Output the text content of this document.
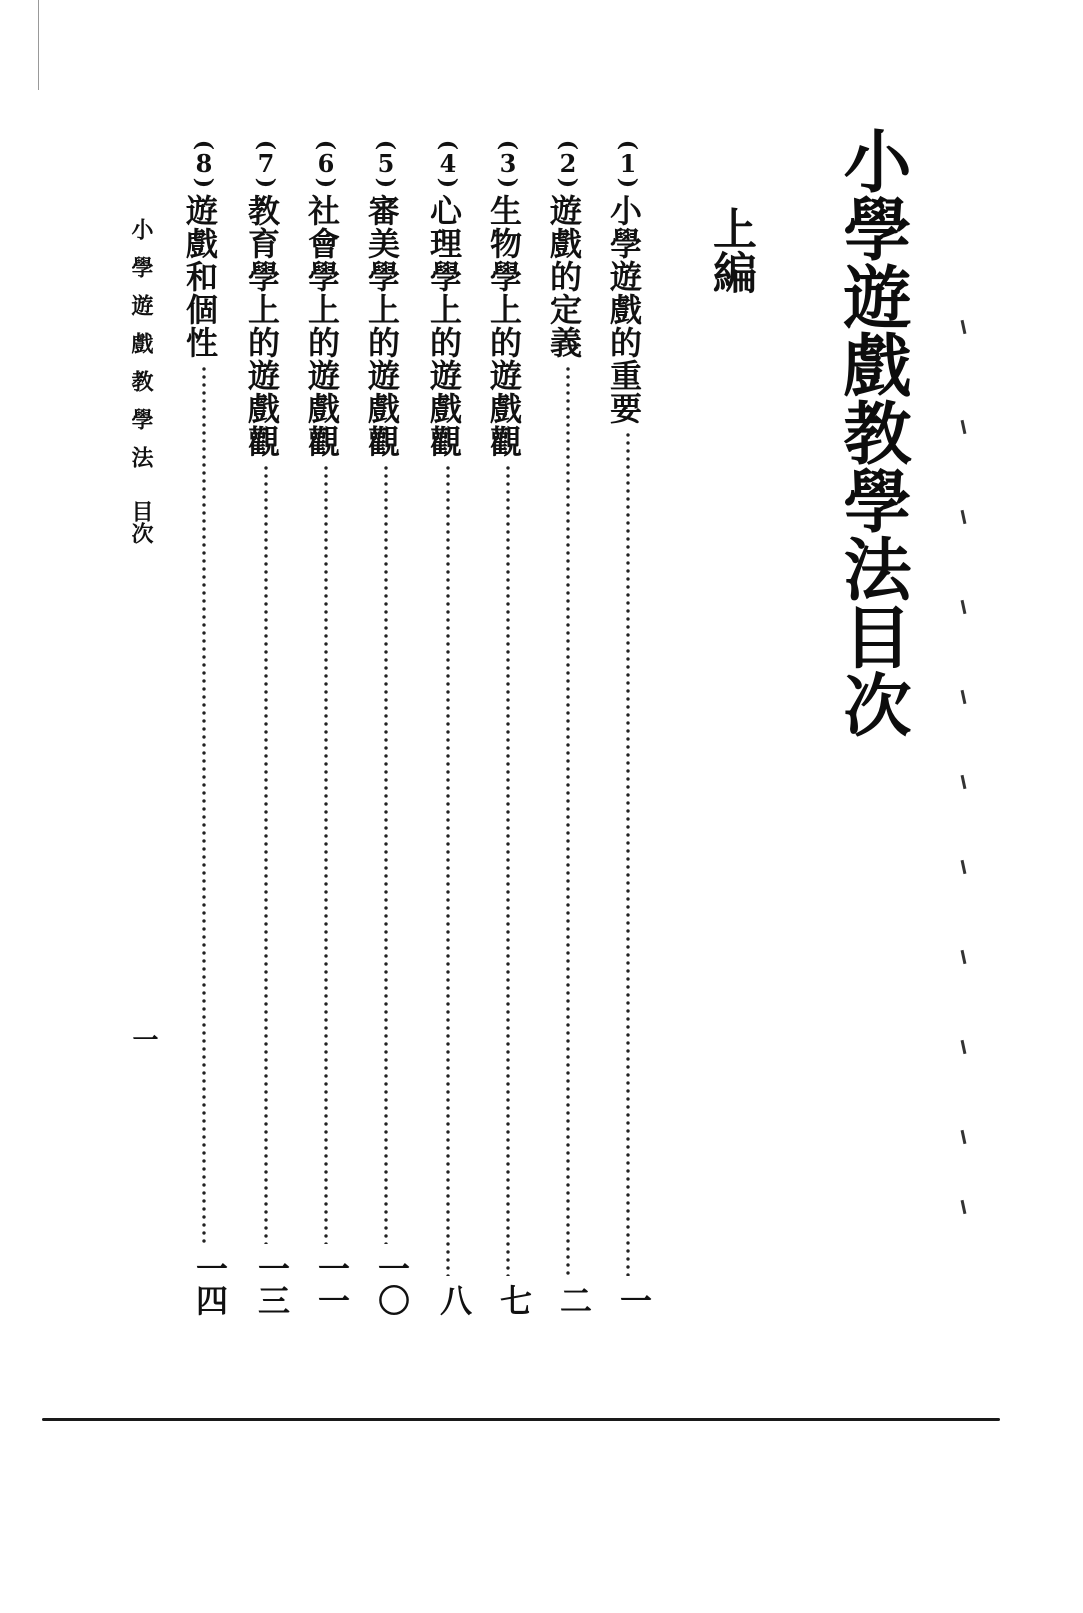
小學遊戲教學法目次
上編
(
1
)
小學遊戲的重要
一
(
2
)
遊戲的定義
二
(
3
)
生物學上的遊戲觀
七
(
4
)
心理學上的遊戲觀
八
(
5
)
審美學上的遊戲觀
一〇
(
6
)
社會學上的遊戲觀
一一
(
7
)
教育學上的遊戲觀
一三
(
8
)
遊戲和個性
一四
小學遊戲教學法
目次
一
